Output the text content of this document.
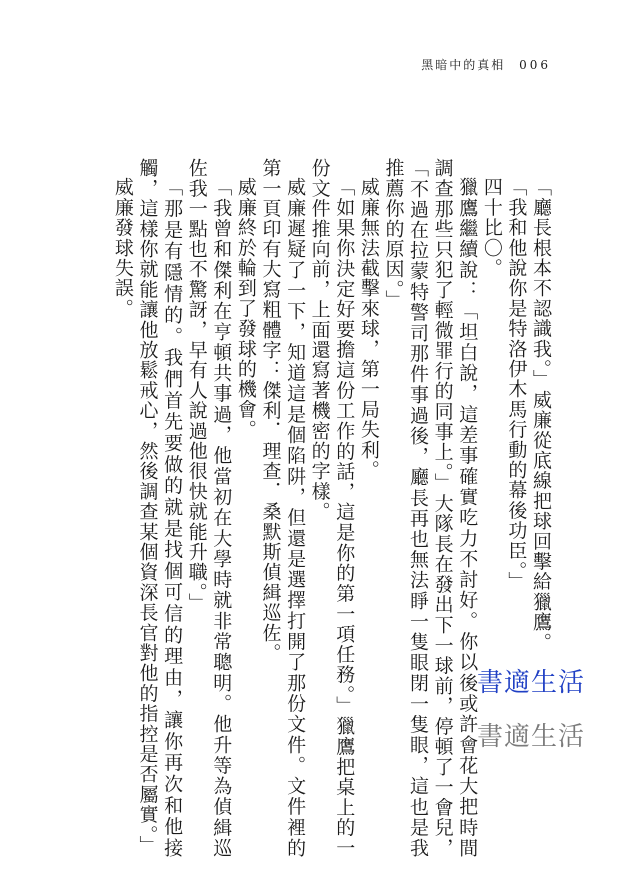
黑暗中的真相 006

「廳長根本不認識我。」威廉從底線把球回擊給獵鷹。

「我和他說你是特洛伊木馬行動的幕後功臣。」

四十比〇。

獵鷹繼續說：「坦白說，這差事確實吃力不討好。你以後或許會花大把時間調查那些只犯了輕微罪行的同事上。」大隊長在發出下一球前，停頓了一會兒，「不過在拉蒙特警司那件事過後，廳長再也無法睜一隻眼閉一隻眼，這也是我推薦你的原因。」

威廉無法截擊來球，第一局失利。

「如果你決定好要擔這份工作的話，這是你的第一項任務。」獵鷹把桌上的一份文件推向前，上面還寫著機密的字樣。

威廉遲疑了一下，知道這是個陷阱，但還是選擇打開了那份文件。文件裡的第一頁印有大寫粗體字：傑利．理查．桑默斯偵緝巡佐。

威廉終於輪到了發球的機會。

「我曾和傑利在亨頓共事過，他當初在大學時就非常聰明。他升等為偵緝巡佐我一點也不驚訝，早有人說過他很快就能升職。」

「那是有隱情的。我們首先要做的就是找個可信的理由，讓你再次和他接觸，這樣你就能讓他放鬆戒心，然後調查某個資深長官對他的指控是否屬實。」

威廉發球失誤。

書適生活
書適生活
